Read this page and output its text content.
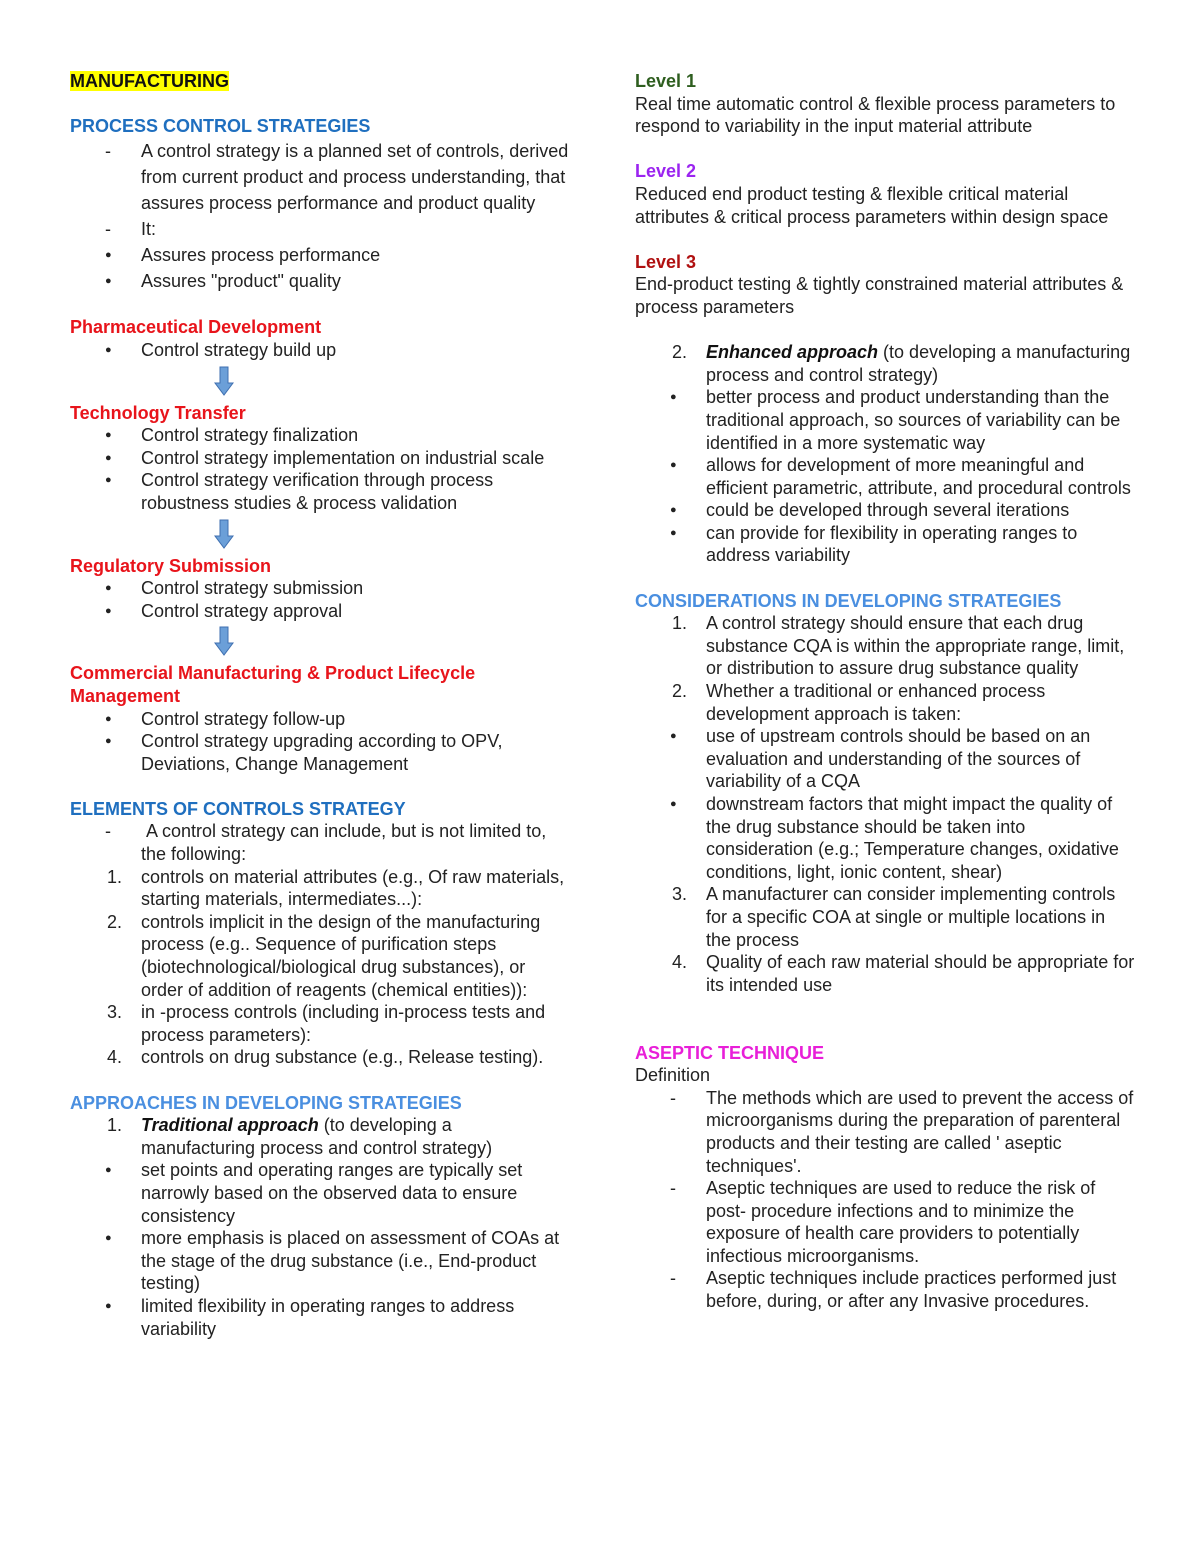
MANUFACTURING
PROCESS CONTROL STRATEGIES
-	A control strategy is a planned set of controls, derived from current product and process understanding, that assures process performance and product quality
-	It:
●	Assures process performance
●	Assures "product" quality
Pharmaceutical Development
●	Control strategy build up
Technology Transfer
●	Control strategy finalization
●	Control strategy implementation on industrial scale
●	Control strategy verification through process robustness studies & process validation
Regulatory Submission
●	Control strategy submission
●	Control strategy approval
Commercial Manufacturing & Product Lifecycle Management
●	Control strategy follow-up
●	Control strategy upgrading according to OPV, Deviations, Change Management
ELEMENTS OF CONTROLS STRATEGY
-	A control strategy can include, but is not limited to, the following:
1. controls on material attributes (e.g., Of raw materials, starting materials, intermediates...):
2. controls implicit in the design of the manufacturing process (e.g.. Sequence of purification steps (biotechnological/biological drug substances), or order of addition of reagents (chemical entities)):
3. in -process controls (including in-process tests and process parameters):
4. controls on drug substance (e.g., Release testing).
APPROACHES IN DEVELOPING STRATEGIES
1. Traditional approach (to developing a manufacturing process and control strategy)
●	set points and operating ranges are typically set narrowly based on the observed data to ensure consistency
●	more emphasis is placed on assessment of COAs at the stage of the drug substance (i.e., End-product testing)
●	limited flexibility in operating ranges to address variability
Level 1
Real time automatic control & flexible process parameters to respond to variability in the input material attribute
Level 2
Reduced end product testing & flexible critical material attributes & critical process parameters within design space
Level 3
End-product testing & tightly constrained material attributes & process parameters
2. Enhanced approach (to developing a manufacturing process and control strategy)
●	better process and product understanding than the traditional approach, so sources of variability can be identified in a more systematic way
●	allows for development of more meaningful and efficient parametric, attribute, and procedural controls
●	could be developed through several iterations
●	can provide for flexibility in operating ranges to address variability
CONSIDERATIONS IN DEVELOPING STRATEGIES
1. A control strategy should ensure that each drug substance CQA is within the appropriate range, limit, or distribution to assure drug substance quality
2. Whether a traditional or enhanced process development approach is taken:
●	use of upstream controls should be based on an evaluation and understanding of the sources of variability of a CQA
●	downstream factors that might impact the quality of the drug substance should be taken into consideration (e.g.; Temperature changes, oxidative conditions, light, ionic content, shear)
3. A manufacturer can consider implementing controls for a specific COA at single or multiple locations in the process
4. Quality of each raw material should be appropriate for its intended use
ASEPTIC TECHNIQUE
Definition
-	The methods which are used to prevent the access of microorganisms during the preparation of parenteral products and their testing are called ' aseptic techniques'.
-	Aseptic techniques are used to reduce the risk of post- procedure infections and to minimize the exposure of health care providers to potentially infectious microorganisms.
-	Aseptic techniques include practices performed just before, during, or after any Invasive procedures.
